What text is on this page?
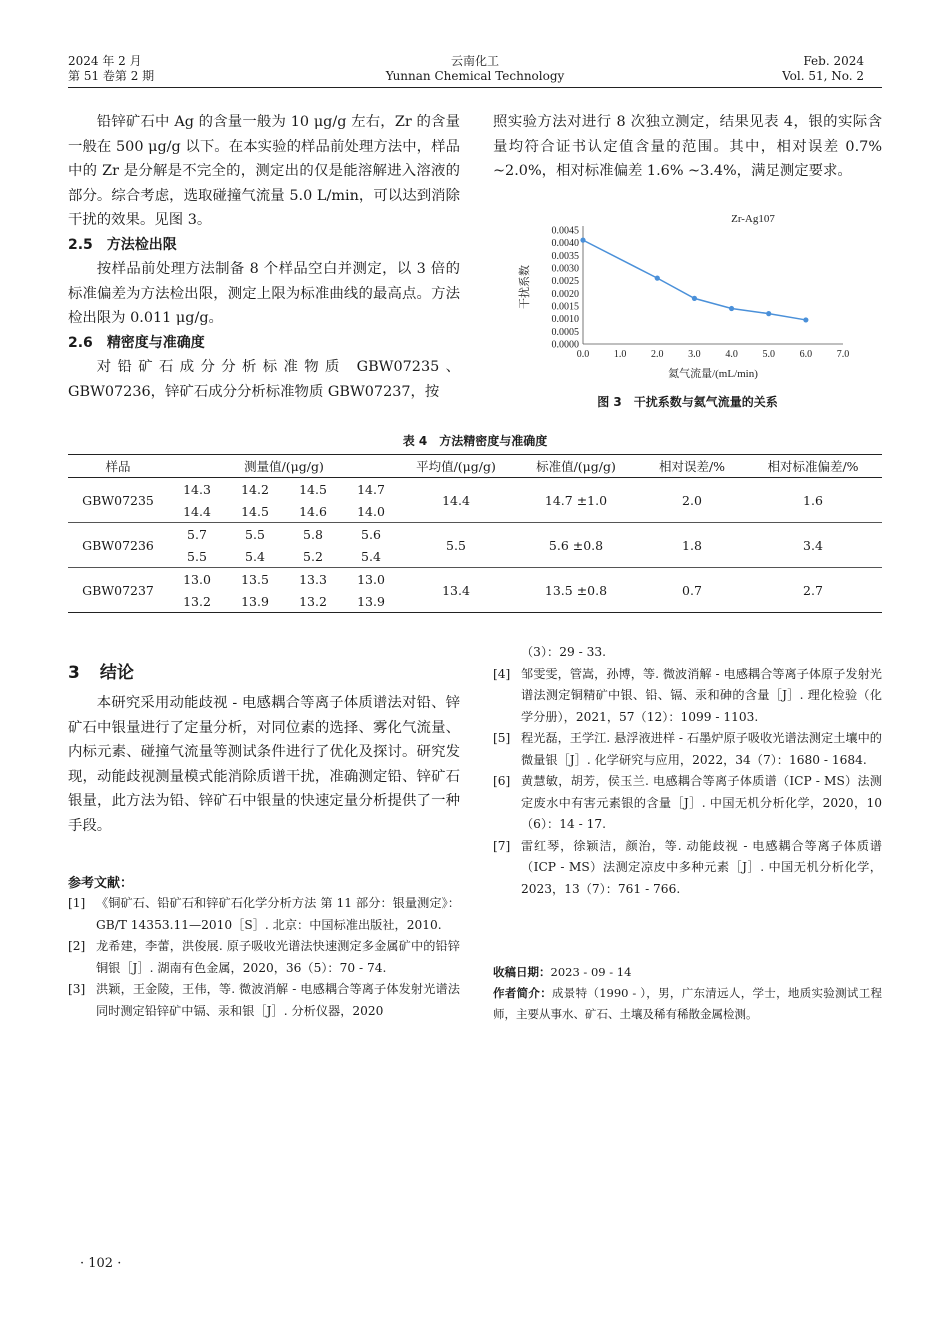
2024 年 2 月
第 51 卷第 2 期
云南化工
Yunnan Chemical Technology
Feb. 2024
Vol. 51, No. 2

铅锌矿石中 Ag 的含量一般为 10 μg/g 左右，Zr 的含量一般在 500 μg/g 以下。在本实验的样品前处理方法中，样品中的 Zr 是分解是不完全的，测定出的仅是能溶解进入溶液的部分。综合考虑，选取碰撞气流量 5.0 L/min，可以达到消除干扰的效果。见图 3。

2.5 方法检出限

按样品前处理方法制备 8 个样品空白并测定，以 3 倍的标准偏差为方法检出限，测定上限为标准曲线的最高点。方法检出限为 0.011 μg/g。

2.6 精密度与准确度

对铅矿石成分分析标准物质 GBW07235、GBW07236，锌矿石成分分析标准物质 GBW07237，按

照实验方法对进行 8 次独立测定，结果见表 4，银的实际含量均符合证书认定值含量的范围。其中，相对误差 0.7% ~2.0%，相对标准偏差 1.6% ~3.4%，满足测定要求。

Zr-Ag107
0.0000
0.0005
0.0010
0.0015
0.0020
0.0025
0.0030
0.0035
0.0040
0.0045
0.0 1.0 2.0 3.0 4.0 5.0 6.0 7.0
氦气流量/(mL/min)
干扰系数
图 3　干扰系数与氦气流量的关系
表 4　方法精密度与准确度
样品	测量值/(μg/g)				平均值/(μg/g)	标准值/(μg/g)	相对误差/%	相对标准偏差/%
GBW07235	14.3	14.2	14.5	14.7	14.4	14.7 ±1.0	2.0	1.6
	14.4	14.5	14.6	14.0				
GBW07236	5.7	5.5	5.8	5.6	5.5	5.6 ±0.8	1.8	3.4
	5.5	5.4	5.2	5.4				
GBW07237	13.0	13.5	13.3	13.0	13.4	13.5 ±0.8	0.7	2.7
	13.2	13.9	13.2	13.9				
3 结论

本研究采用动能歧视 - 电感耦合等离子体质谱法对铅、锌矿石中银量进行了定量分析，对同位素的选择、雾化气流量、内标元素、碰撞气流量等测试条件进行了优化及探讨。研究发现，动能歧视测量模式能消除质谱干扰，准确测定铅、锌矿石银量，此方法为铅、锌矿石中银量的快速定量分析提供了一种手段。

参考文献：
[1] 《铜矿石、铅矿石和锌矿石化学分析方法 第 11 部分：银量测定》：GB/T 14353.11—2010［S］. 北京：中国标准出版社，2010.
[2] 龙希建，李蕾，洪俊展. 原子吸收光谱法快速测定多金属矿中的铅锌铜银［J］. 湖南有色金属，2020，36（5）：70 - 74.
[3] 洪颖，王金陵，王伟，等. 微波消解 - 电感耦合等离子体发射光谱法同时测定铅锌矿中镉、汞和银［J］. 分析仪器，2020
（3）：29 - 33.
[4] 邹雯雯，管嵩，孙博，等. 微波消解 - 电感耦合等离子体原子发射光谱法测定铜精矿中银、铅、镉、汞和砷的含量［J］. 理化检验（化学分册），2021，57（12）：1099 - 1103.
[5] 程光磊，王学江. 悬浮液进样 - 石墨炉原子吸收光谱法测定土壤中的微量银［J］. 化学研究与应用，2022，34（7）：1680 - 1684.
[6] 黄慧敏，胡芳，侯玉兰. 电感耦合等离子体质谱（ICP - MS）法测定废水中有害元素银的含量［J］. 中国无机分析化学，2020，10（6）：14 - 17.
[7] 雷红琴，徐颖洁，颜治，等. 动能歧视 - 电感耦合等离子体质谱（ICP - MS）法测定凉皮中多种元素［J］. 中国无机分析化学，2023，13（7）：761 - 766.
收稿日期：2023 - 09 - 14
作者简介：成景特（1990 - ），男，广东清远人，学士，地质实验测试工程师，主要从事水、矿石、土壤及稀有稀散金属检测。
· 102 ·
